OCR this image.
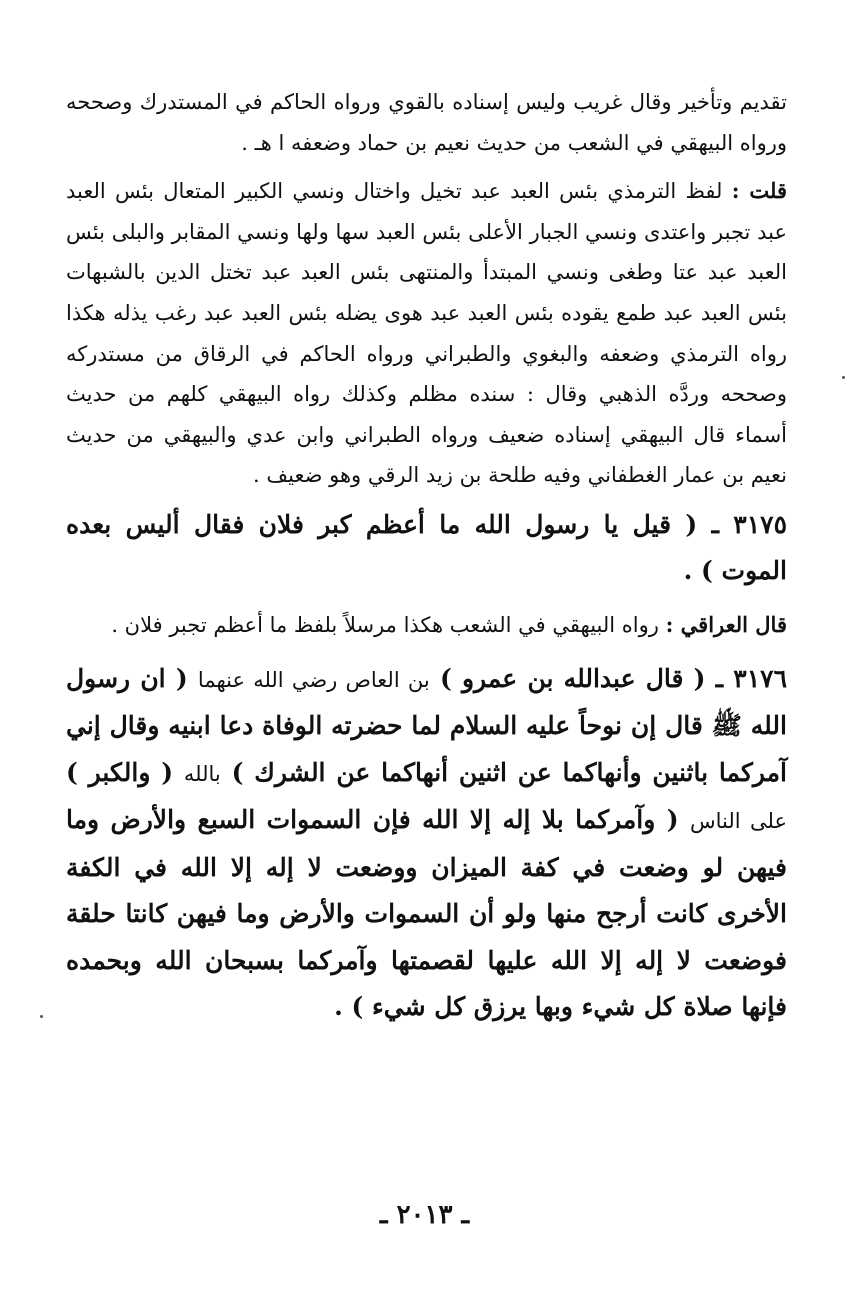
تقديم وتأخير وقال غريب وليس إسناده بالقوي ورواه الحاكم في المستدرك وصححه ورواه البيهقي في الشعب من حديث نعيم بن حماد وضعفه ا هـ .

قلت : لفظ الترمذي بئس العبد عبد تخيل واختال ونسي الكبير المتعال بئس العبد عبد تجبر واعتدى ونسي الجبار الأعلى بئس العبد سها ولها ونسي المقابر والبلى بئس العبد عبد عتا وطغى ونسي المبتدأ والمنتهى بئس العبد عبد تختل الدين بالشبهات بئس العبد عبد طمع يقوده بئس العبد عبد هوى يضله بئس العبد عبد رغب يذله هكذا رواه الترمذي وضعفه والبغوي والطبراني ورواه الحاكم في الرقاق من مستدركه وصححه وردَّه الذهبي وقال : سنده مظلم وكذلك رواه البيهقي كلهم من حديث أسماء قال البيهقي إسناده ضعيف ورواه الطبراني وابن عدي والبيهقي من حديث نعيم بن عمار الغطفاني وفيه طلحة بن زيد الرقي وهو ضعيف .

٣١٧٥ ـ ( قيل يا رسول الله ما أعظم كبر فلان فقال أليس بعده الموت ) .

قال العراقي : رواه البيهقي في الشعب هكذا مرسلاً بلفظ ما أعظم تجبر فلان .

٣١٧٦ ـ ( قال عبدالله بن عمرو ) بن العاص رضي الله عنهما ( ان رسول الله ﷺ قال إن نوحاً عليه السلام لما حضرته الوفاة دعا ابنيه وقال إني آمركما باثنين وأنهاكما عن اثنين أنهاكما عن الشرك ) بالله ( والكبر ) على الناس ( وآمركما بلا إله إلا الله فإن السموات السبع والأرض وما فيهن لو وضعت في كفة الميزان ووضعت لا إله إلا الله في الكفة الأخرى كانت أرجح منها ولو أن السموات والأرض وما فيهن كانتا حلقة فوضعت لا إله إلا الله عليها لقصمتها وآمركما بسبحان الله وبحمده فإنها صلاة كل شيء وبها يرزق كل شيء ) .

ـ ٢٠١٣ ـ
